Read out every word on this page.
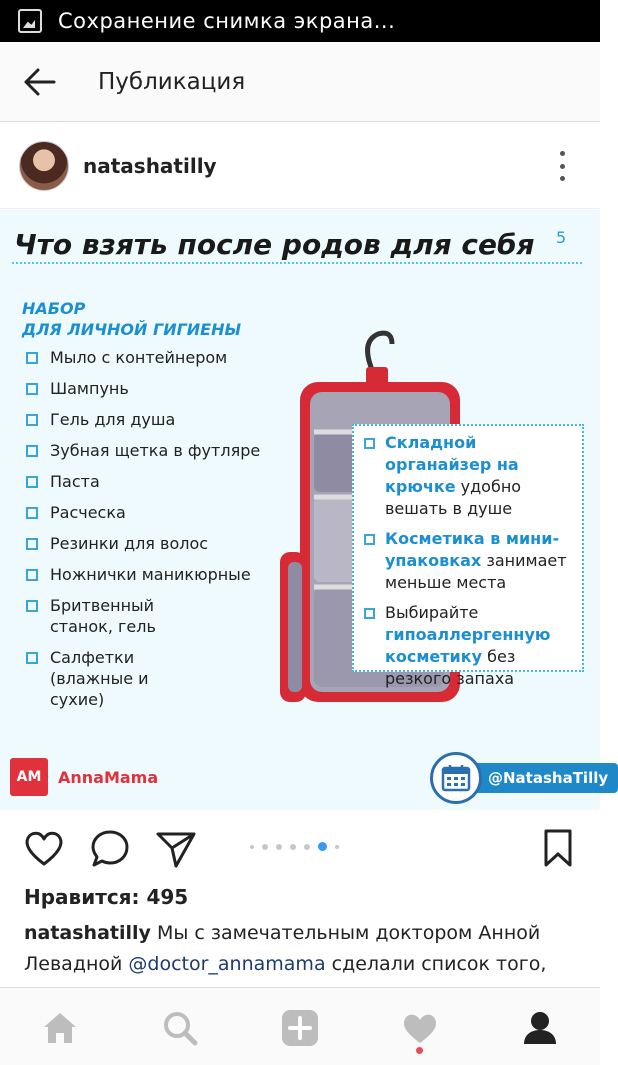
Сохранение снимка экрана...
Публикация
natashatilly
Что взять после родов для себя 5
НАБОР
ДЛЯ ЛИЧНОЙ ГИГИЕНЫ
Мыло с контейнером
Шампунь
Гель для душа
Зубная щетка в футляре
Паста
Расческа
Резинки для волос
Ножнички маникюрные
Бритвенный станок, гель
Салфетки (влажные и сухие)
Складной органайзер на крючке удобно вешать в душе
Косметика в мини-упаковках занимает меньше места
Выбирайте гипоаллергенную косметику без резкого запаха
AM	AnnaMama	@NatashaTilly
Нравится: 495
natashatilly Мы с замечательным доктором Анной Левадной @doctor_annamama сделали список того,
